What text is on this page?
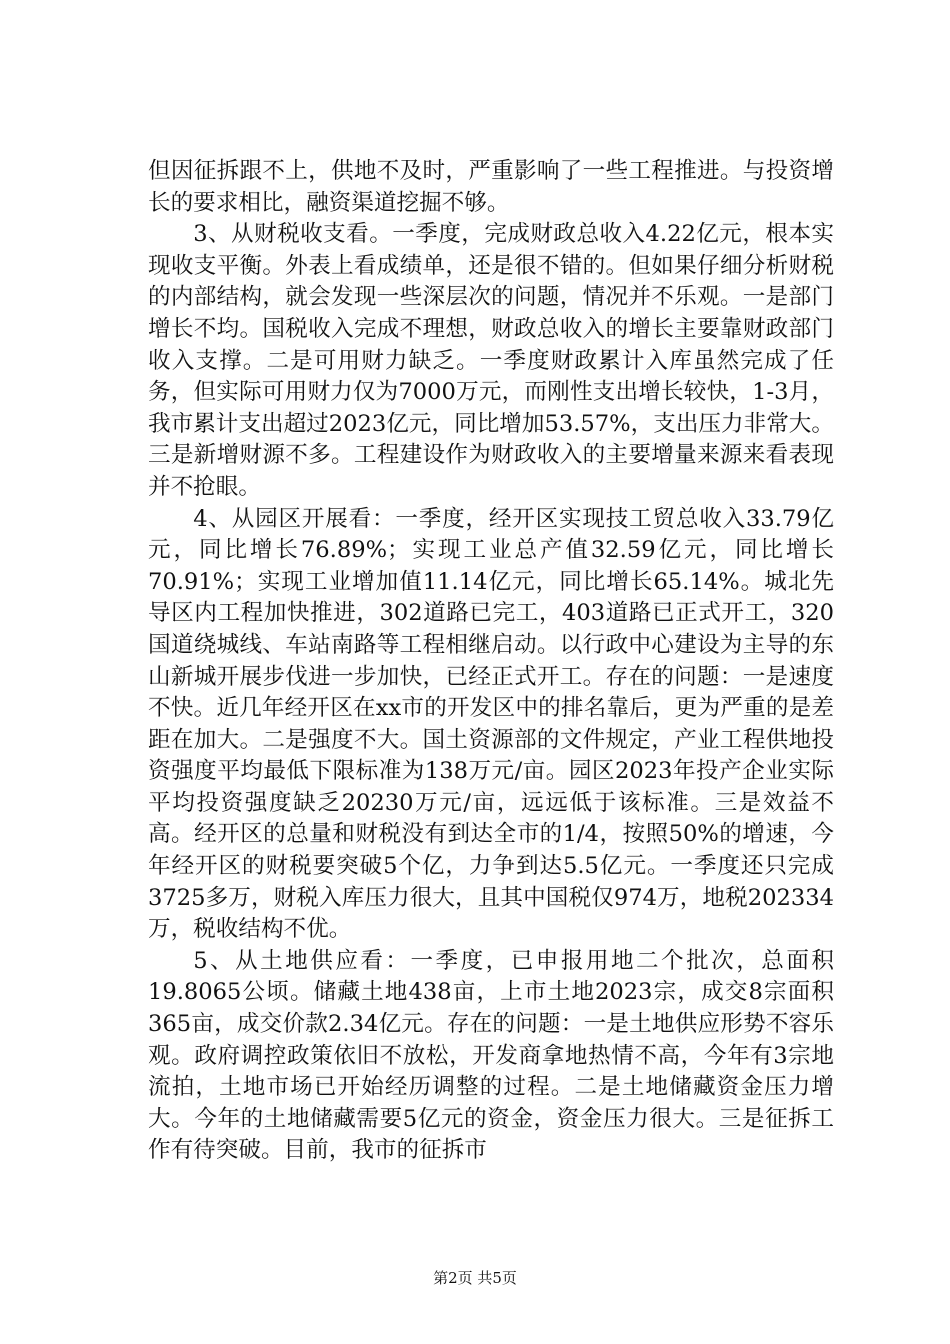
但因征拆跟不上，供地不及时，严重影响了一些工程推进。与投资增长的要求相比，融资渠道挖掘不够。

3、从财税收支看。一季度，完成财政总收入4.22亿元，根本实现收支平衡。外表上看成绩单，还是很不错的。但如果仔细分析财税的内部结构，就会发现一些深层次的问题，情况并不乐观。一是部门增长不均。国税收入完成不理想，财政总收入的增长主要靠财政部门收入支撑。二是可用财力缺乏。一季度财政累计入库虽然完成了任务，但实际可用财力仅为7000万元，而刚性支出增长较快，1-3月，我市累计支出超过2023亿元，同比增加53.57%，支出压力非常大。三是新增财源不多。工程建设作为财政收入的主要增量来源来看表现并不抢眼。

4、从园区开展看：一季度，经开区实现技工贸总收入33.79亿元，同比增长76.89%；实现工业总产值32.59亿元，同比增长70.91%；实现工业增加值11.14亿元，同比增长65.14%。城北先导区内工程加快推进，302道路已完工，403道路已正式开工，320国道绕城线、车站南路等工程相继启动。以行政中心建设为主导的东山新城开展步伐进一步加快，已经正式开工。存在的问题：一是速度不快。近几年经开区在xx市的开发区中的排名靠后，更为严重的是差距在加大。二是强度不大。国土资源部的文件规定，产业工程供地投资强度平均最低下限标准为138万元/亩。园区2023年投产企业实际平均投资强度缺乏20230万元/亩，远远低于该标准。三是效益不高。经开区的总量和财税没有到达全市的1/4，按照50%的增速，今年经开区的财税要突破5个亿，力争到达5.5亿元。一季度还只完成3725多万，财税入库压力很大，且其中国税仅974万，地税202334万，税收结构不优。

5、从土地供应看：一季度，已申报用地二个批次，总面积19.8065公顷。储藏土地438亩，上市土地2023宗，成交8宗面积365亩，成交价款2.34亿元。存在的问题：一是土地供应形势不容乐观。政府调控政策依旧不放松，开发商拿地热情不高，今年有3宗地流拍，土地市场已开始经历调整的过程。二是土地储藏资金压力增大。今年的土地储藏需要5亿元的资金，资金压力很大。三是征拆工作有待突破。目前，我市的征拆市

第2页 共5页
